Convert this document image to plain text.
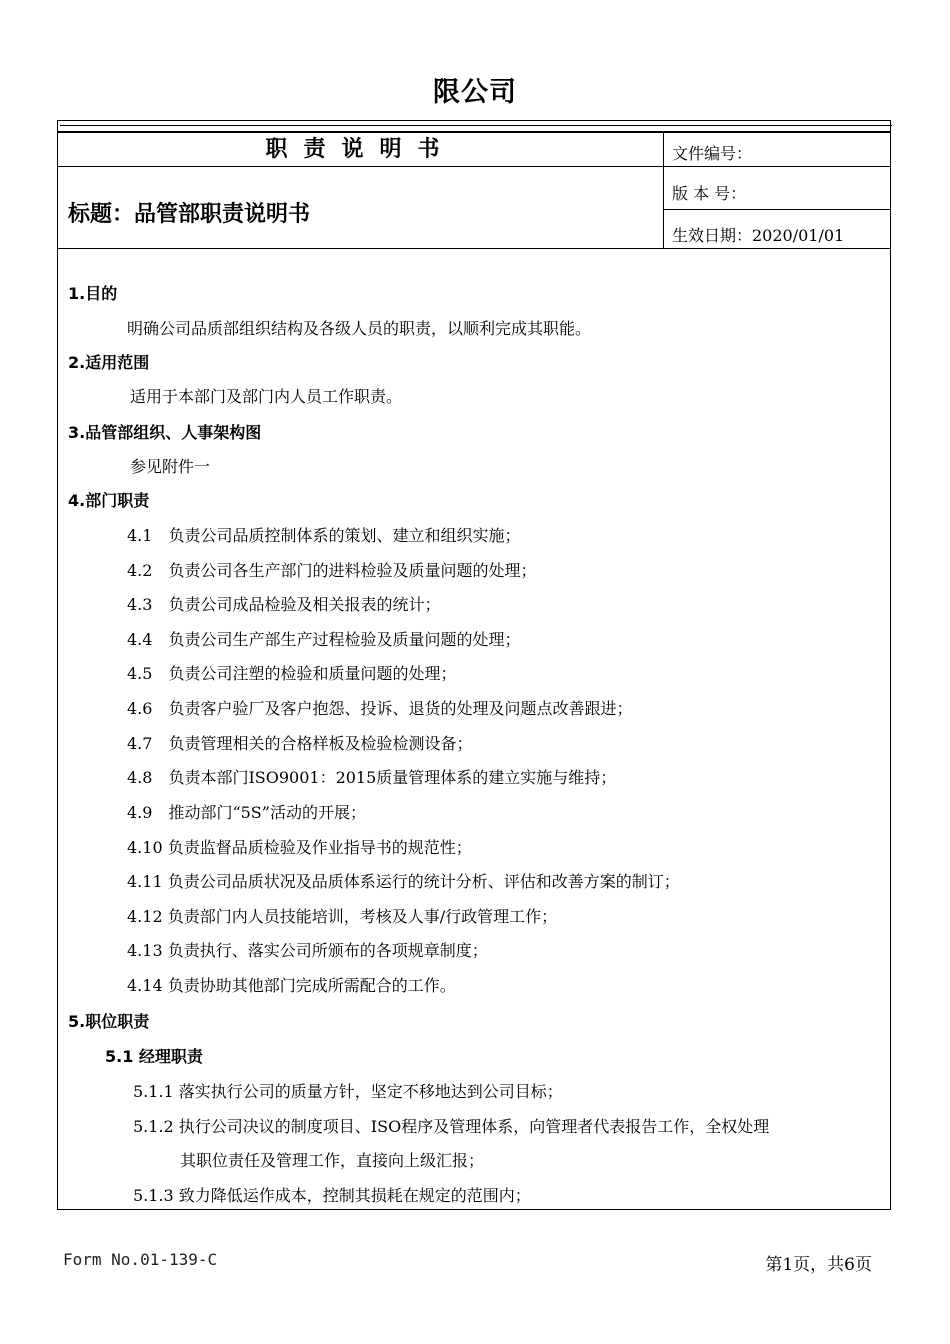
限公司
职责说明书
标题：品管部职责说明书
文件编号：
版 本 号：
生效日期：2020/01/01
1.目的
明确公司品质部组织结构及各级人员的职责，以顺利完成其职能。
2.适用范围
适用于本部门及部门内人员工作职责。
3.品管部组织、人事架构图
参见附件一
4.部门职责
4.1　负责公司品质控制体系的策划、建立和组织实施；
4.2　负责公司各生产部门的进料检验及质量问题的处理；
4.3　负责公司成品检验及相关报表的统计；
4.4　负责公司生产部生产过程检验及质量问题的处理；
4.5　负责公司注塑的检验和质量问题的处理；
4.6　负责客户验厂及客户抱怨、投诉、退货的处理及问题点改善跟进；
4.7　负责管理相关的合格样板及检验检测设备；
4.8　负责本部门ISO9001：2015质量管理体系的建立实施与维持；
4.9　推动部门“5S”活动的开展；
4.10 负责监督品质检验及作业指导书的规范性；
4.11 负责公司品质状况及品质体系运行的统计分析、评估和改善方案的制订；
4.12 负责部门内人员技能培训，考核及人事/行政管理工作；
4.13 负责执行、落实公司所颁布的各项规章制度；
4.14 负责协助其他部门完成所需配合的工作。
5.职位职责
5.1 经理职责
5.1.1 落实执行公司的质量方针，坚定不移地达到公司目标；
5.1.2 执行公司决议的制度项目、ISO程序及管理体系，向管理者代表报告工作，全权处理
其职位责任及管理工作，直接向上级汇报；
5.1.3 致力降低运作成本，控制其损耗在规定的范围内；
Form No.01-139-C	第1页，共6页
